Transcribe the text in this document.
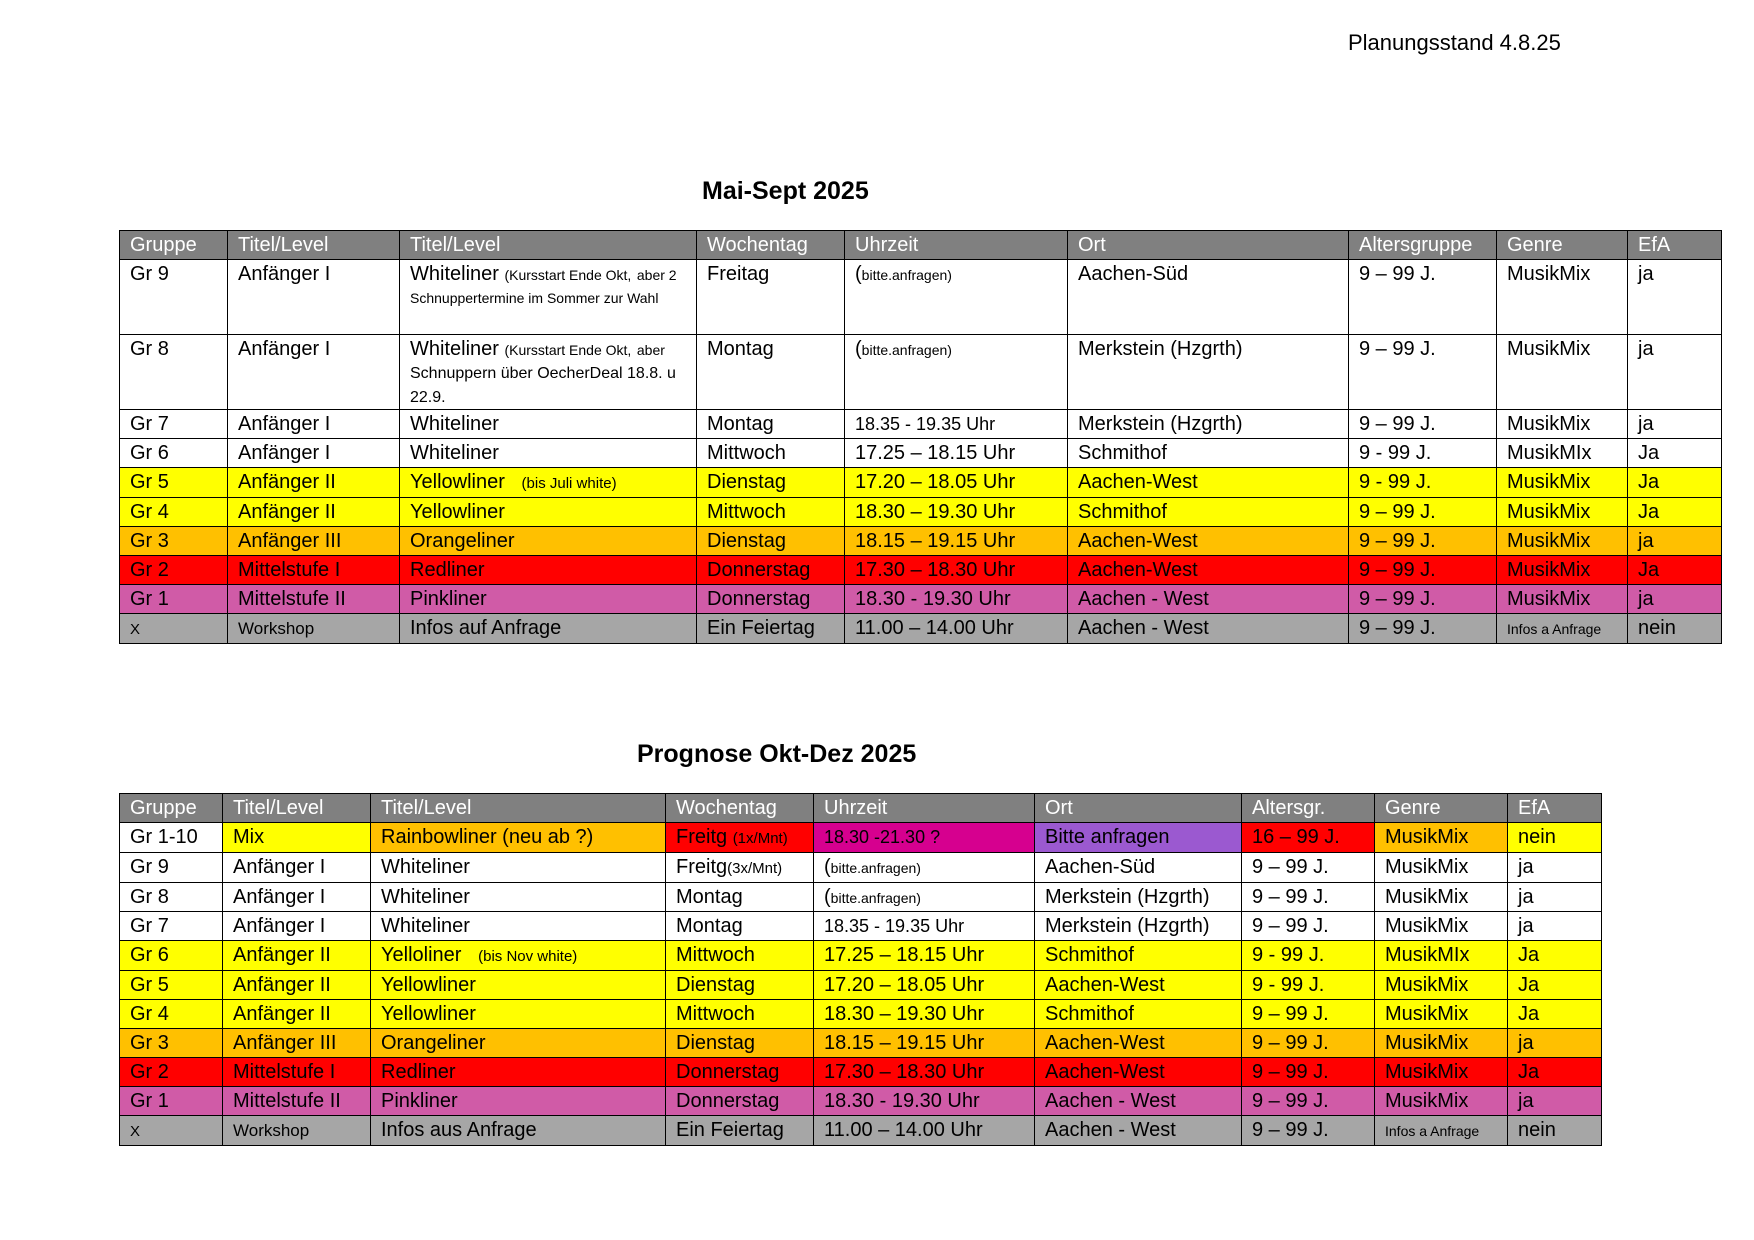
Planungsstand 4.8.25
Mai-Sept 2025
Gruppe	Titel/Level	Titel/Level	Wochentag	Uhrzeit	Ort	Altersgruppe	Genre	EfA
Gr 9	Anfänger I	Whiteliner (Kursstart Ende Okt, aber 2 Schnuppertermine im Sommer zur Wahl	Freitag	(bitte.anfragen)	Aachen-Süd	9 – 99 J.	MusikMix	ja
Gr 8	Anfänger I	Whiteliner (Kursstart Ende Okt, aber Schnuppern über OecherDeal 18.8. u 22.9.	Montag	(bitte.anfragen)	Merkstein (Hzgrth)	9 – 99 J.	MusikMix	ja
Gr 7	Anfänger I	Whiteliner	Montag	18.35 - 19.35 Uhr	Merkstein (Hzgrth)	9 – 99 J.	MusikMix	ja
Gr 6	Anfänger I	Whiteliner	Mittwoch	17.25 – 18.15 Uhr	Schmithof	9 - 99 J.	MusikMIx	Ja
Gr 5	Anfänger II	Yellowliner (bis Juli white)	Dienstag	17.20 – 18.05 Uhr	Aachen-West	9 - 99 J.	MusikMix	Ja
Gr 4	Anfänger II	Yellowliner	Mittwoch	18.30 – 19.30 Uhr	Schmithof	9 – 99 J.	MusikMix	Ja
Gr 3	Anfänger III	Orangeliner	Dienstag	18.15 – 19.15 Uhr	Aachen-West	9 – 99 J.	MusikMix	ja
Gr 2	Mittelstufe I	Redliner	Donnerstag	17.30 – 18.30 Uhr	Aachen-West	9 – 99 J.	MusikMix	Ja
Gr 1	Mittelstufe II	Pinkliner	Donnerstag	18.30 - 19.30 Uhr	Aachen - West	9 – 99 J.	MusikMix	ja
X	Workshop	Infos auf Anfrage	Ein Feiertag	11.00 – 14.00 Uhr	Aachen - West	9 – 99 J.	Infos a Anfrage	nein
Prognose Okt-Dez 2025
Gruppe	Titel/Level	Titel/Level	Wochentag	Uhrzeit	Ort	Altersgr.	Genre	EfA
Gr 1-10	Mix	Rainbowliner (neu ab ?)	Freitg (1x/Mnt)	18.30 -21.30 ?	Bitte anfragen	16 – 99 J.	MusikMix	nein
Gr 9	Anfänger I	Whiteliner	Freitg(3x/Mnt)	(bitte.anfragen)	Aachen-Süd	9 – 99 J.	MusikMix	ja
Gr 8	Anfänger I	Whiteliner	Montag	(bitte.anfragen)	Merkstein (Hzgrth)	9 – 99 J.	MusikMix	ja
Gr 7	Anfänger I	Whiteliner	Montag	18.35 - 19.35 Uhr	Merkstein (Hzgrth)	9 – 99 J.	MusikMix	ja
Gr 6	Anfänger II	Yelloliner (bis Nov white)	Mittwoch	17.25 – 18.15 Uhr	Schmithof	9 - 99 J.	MusikMIx	Ja
Gr 5	Anfänger II	Yellowliner	Dienstag	17.20 – 18.05 Uhr	Aachen-West	9 - 99 J.	MusikMix	Ja
Gr 4	Anfänger II	Yellowliner	Mittwoch	18.30 – 19.30 Uhr	Schmithof	9 – 99 J.	MusikMix	Ja
Gr 3	Anfänger III	Orangeliner	Dienstag	18.15 – 19.15 Uhr	Aachen-West	9 – 99 J.	MusikMix	ja
Gr 2	Mittelstufe I	Redliner	Donnerstag	17.30 – 18.30 Uhr	Aachen-West	9 – 99 J.	MusikMix	Ja
Gr 1	Mittelstufe II	Pinkliner	Donnerstag	18.30 - 19.30 Uhr	Aachen - West	9 – 99 J.	MusikMix	ja
X	Workshop	Infos aus Anfrage	Ein Feiertag	11.00 – 14.00 Uhr	Aachen - West	9 – 99 J.	Infos a Anfrage	nein
